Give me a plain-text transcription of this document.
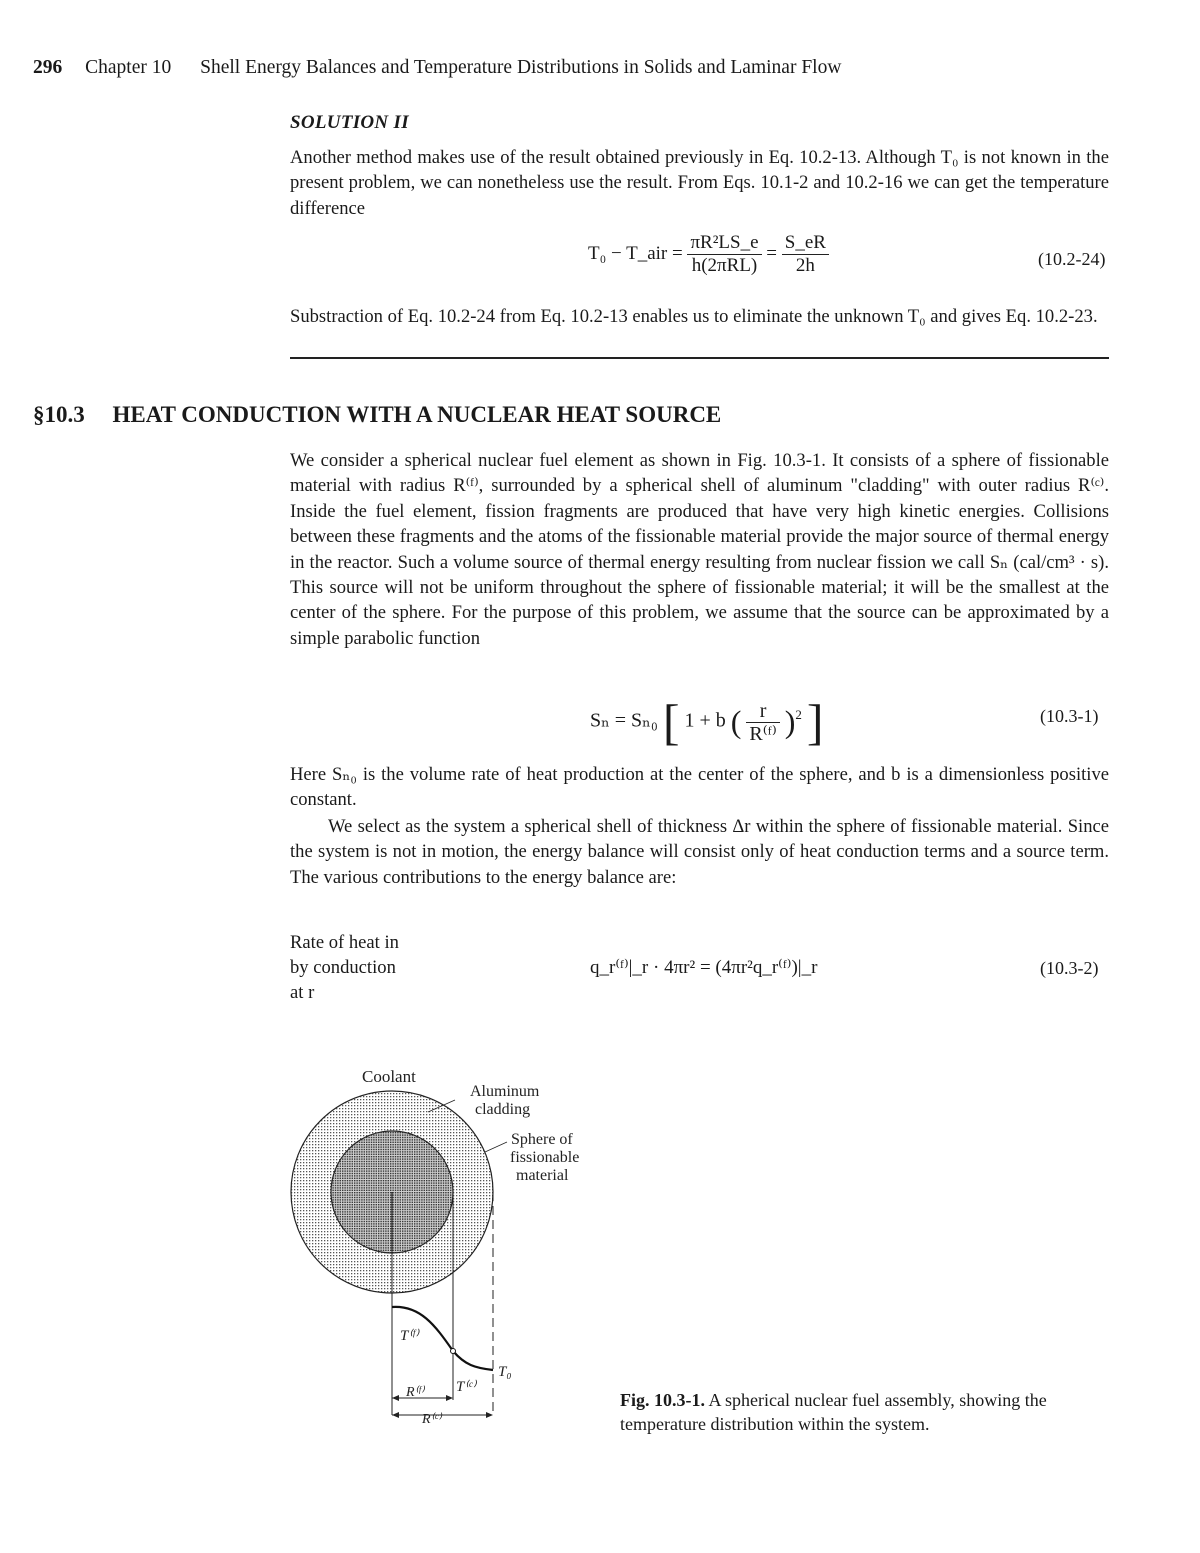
296 Chapter 10 Shell Energy Balances and Temperature Distributions in Solids and Laminar Flow
SOLUTION II
Another method makes use of the result obtained previously in Eq. 10.2-13. Although T₀ is not known in the present problem, we can nonetheless use the result. From Eqs. 10.1-2 and 10.2-16 we can get the temperature difference
T₀ − T_air = $\frac{\text{πR²LS\_e}}{\text{h(2πRL)}} = \frac{S\_eR}{2h}$	(10.2-24)
Substraction of Eq. 10.2-24 from Eq. 10.2-13 enables us to eliminate the unknown T₀ and gives Eq. 10.2-23.
§10.3 HEAT CONDUCTION WITH A NUCLEAR HEAT SOURCE
We consider a spherical nuclear fuel element as shown in Fig. 10.3-1. It consists of a sphere of fissionable material with radius R⁽ᶠ⁾, surrounded by a spherical shell of aluminum "cladding" with outer radius R⁽ᶜ⁾. Inside the fuel element, fission fragments are produced that have very high kinetic energies. Collisions between these fragments and the atoms of the fissionable material provide the major source of thermal energy in the reactor. Such a volume source of thermal energy resulting from nuclear fission we call Sₙ (cal/cm³ · s). This source will not be uniform throughout the sphere of fissionable material; it will be the smallest at the center of the sphere. For the purpose of this problem, we assume that the source can be approximated by a simple parabolic function
Sₙ = Sₙ₀ [ 1 + b ( $\frac{r}{\text{R⁽ᶠ⁾}} )^2$ ]	(10.3-1)
Here Sₙ₀ is the volume rate of heat production at the center of the sphere, and b is a dimensionless positive constant.
We select as the system a spherical shell of thickness Δr within the sphere of fissionable material. Since the system is not in motion, the energy balance will consist only of heat conduction terms and a source term. The various contributions to the energy balance are:
Rate of heat in
by conduction
at r
q_r⁽ᶠ⁾|_r · 4πr² = (4πr²q_r⁽ᶠ⁾)|_r	(10.3-2)
Coolant
Aluminum
cladding
Sphere of
fissionable
material
T⁽ᶠ⁾
T⁽ᶜ⁾
T₀
R⁽ᶠ⁾
R⁽ᶜ⁾
Fig. 10.3-1. A spherical nuclear fuel assembly, showing the temperature distribution within the system.
